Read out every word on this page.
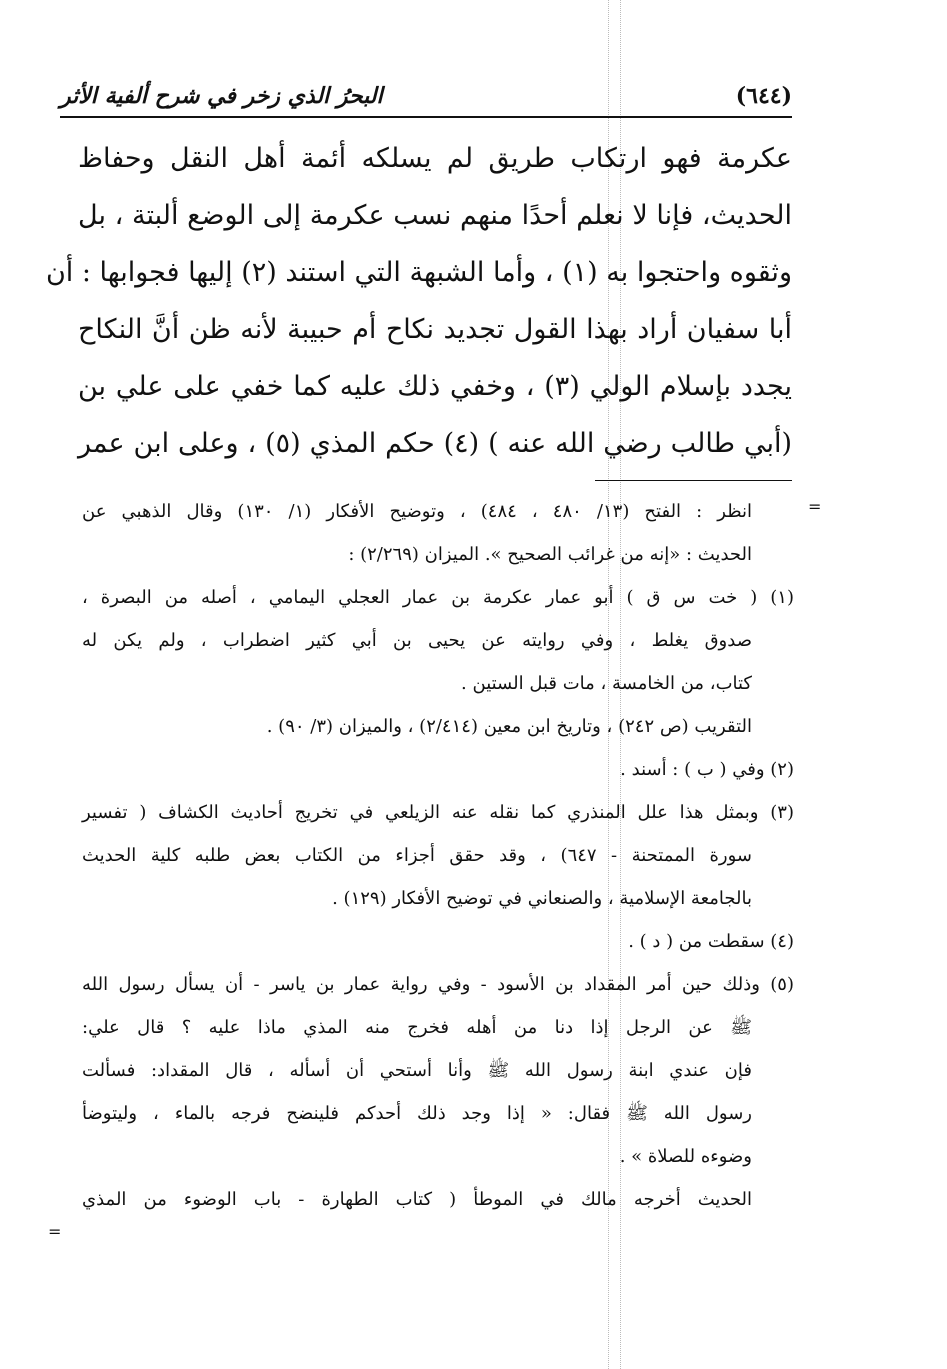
(٦٤٤)
البحرُ الذي زخر في شرح ألفية الأثر
عكرمة فهو ارتكاب طريق لم يسلكه أئمة أهل النقل وحفاظ
الحديث، فإنا لا نعلم أحدًا منهم نسب عكرمة إلى الوضع ألبتة ، بل
وثقوه واحتجوا به (١) ، وأما الشبهة التي استند (٢) إليها فجوابها : أن
أبا سفيان أراد بهذا القول تجديد نكاح أم حبيبة لأنه ظن أنَّ النكاح
يجدد بإسلام الولي (٣) ، وخفي ذلك عليه كما خفي على علي بن
(أبي طالب رضي الله عنه ) (٤) حكم المذي (٥) ، وعلى ابن عمر
=
=
انظر : الفتح (١٣/ ٤٨٠ ، ٤٨٤) ، وتوضيح الأفكار (١/ ١٣٠) وقال الذهبي عن
الحديث : «إنه من غرائب الصحيح ». الميزان (٢/٢٦٩) :
(١) ( خت س ق ) أبو عمار عكرمة بن عمار العجلي اليمامي ، أصله من البصرة ،
صدوق يغلط ، وفي روايته عن يحيى بن أبي كثير اضطراب ، ولم يكن له
كتاب، من الخامسة ، مات قبل الستين .
التقريب (ص ٢٤٢) ، وتاريخ ابن معين (٢/٤١٤) ، والميزان (٣/ ٩٠) .
(٢) وفي ( ب ) : أسند .
(٣) وبمثل هذا علل المنذري كما نقله عنه الزيلعي في تخريج أحاديث الكشاف ( تفسير
سورة الممتحنة - ٦٤٧) ، وقد حقق أجزاء من الكتاب بعض طلبه كلية الحديث
بالجامعة الإسلامية ، والصنعاني في توضيح الأفكار (١٢٩) .
(٤) سقطت من ( د ) .
(٥) وذلك حين أمر المقداد بن الأسود - وفي رواية عمار بن ياسر - أن يسأل رسول الله
ﷺ عن الرجل إذا دنا من أهله فخرج منه المذي ماذا عليه ؟ قال علي:
فإن عندي ابنة رسول الله ﷺ وأنا أستحي أن أسأله ، قال المقداد: فسألت
رسول الله ﷺ فقال: « إذا وجد ذلك أحدكم فلينضح فرجه بالماء ، وليتوضأ
وضوءه للصلاة » .
الحديث أخرجه مالك في الموطأ ( كتاب الطهارة - باب الوضوء من المذي
